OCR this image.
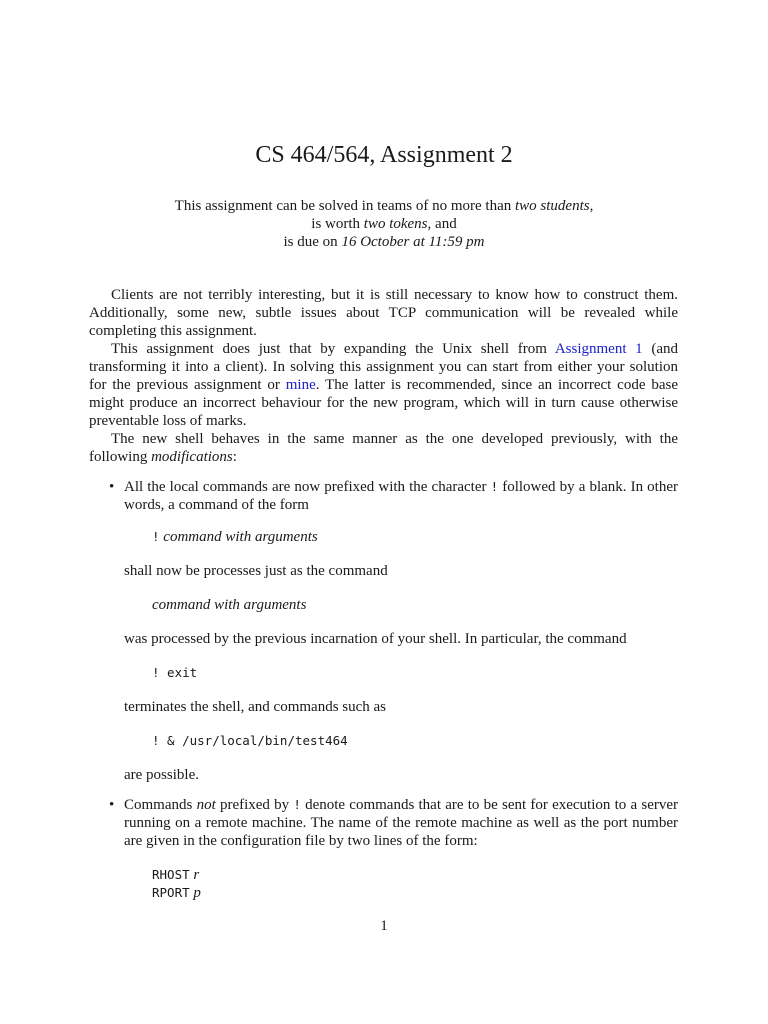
CS 464/564, Assignment 2
This assignment can be solved in teams of no more than two students,
is worth two tokens, and
is due on 16 October at 11:59 pm

Clients are not terribly interesting, but it is still necessary to know how to construct them. Additionally, some new, subtle issues about TCP communication will be revealed while completing this assignment.

This assignment does just that by expanding the Unix shell from Assignment 1 (and transforming it into a client). In solving this assignment you can start from either your solution for the previous assignment or mine. The latter is recommended, since an incorrect code base might produce an incorrect behaviour for the new program, which will in turn cause otherwise preventable loss of marks.

The new shell behaves in the same manner as the one developed previously, with the following modifications:

• All the local commands are now prefixed with the character ! followed by a blank. In other words, a command of the form
! command with arguments
shall now be processes just as the command
command with arguments
was processed by the previous incarnation of your shell. In particular, the command
! exit
terminates the shell, and commands such as
! & /usr/local/bin/test464
are possible.
• Commands not prefixed by ! denote commands that are to be sent for execution to a server running on a remote machine. The name of the remote machine as well as the port number are given in the configuration file by two lines of the form:
RHOST r
RPORT p
1
